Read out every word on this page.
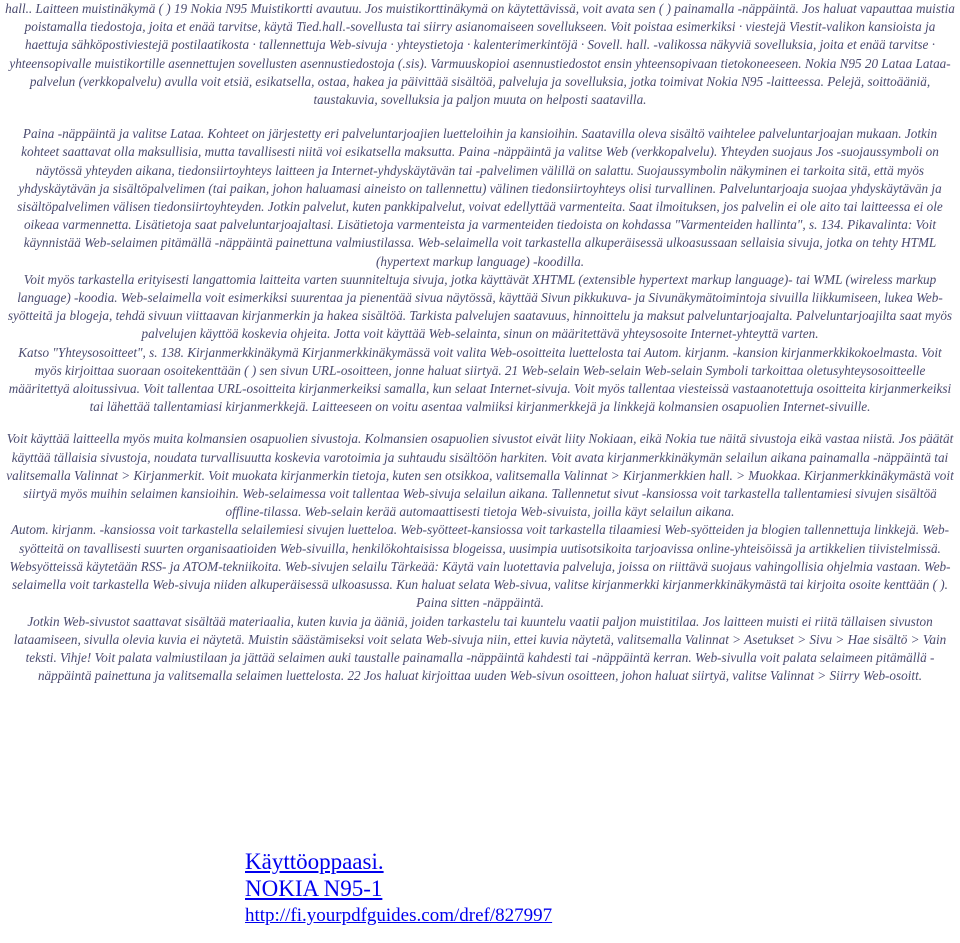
hall.. Laitteen muistinäkymä ( ) 19 Nokia N95 Muistikortti avautuu. Jos muistikorttinäkymä on käytettävissä, voit avata sen ( ) painamalla -näppäintä. Jos haluat vapauttaa muistia poistamalla tiedostoja, joita et enää tarvitse, käytä Tied.hall.-sovellusta tai siirry asianomaiseen sovellukseen. Voit poistaa esimerkiksi · viestejä Viestit-valikon kansioista ja haettuja sähköpostiviestejä postilaatikosta · tallennettuja Web-sivuja · yhteystietoja · kalenterimerkintöjä · Sovell. hall. -valikossa näkyviä sovelluksia, joita et enää tarvitse · yhteensopivalle muistikortille asennettujen sovellusten asennustiedostoja (.sis). Varmuuskopioi asennustiedostot ensin yhteensopivaan tietokoneeseen. Nokia N95 20 Lataa Lataa-palvelun (verkkopalvelu) avulla voit etsiä, esikatsella, ostaa, hakea ja päivittää sisältöä, palveluja ja sovelluksia, jotka toimivat Nokia N95 -laitteessa. Pelejä, soittoääniä, taustakuvia, sovelluksia ja paljon muuta on helposti saatavilla.

Paina -näppäintä ja valitse Lataa. Kohteet on järjestetty eri palveluntarjoajien luetteloihin ja kansioihin. Saatavilla oleva sisältö vaihtelee palveluntarjoajan mukaan. Jotkin kohteet saattavat olla maksullisia, mutta tavallisesti niitä voi esikatsella maksutta. Paina -näppäintä ja valitse Web (verkkopalvelu). Yhteyden suojaus Jos -suojaussymboli on näytössä yhteyden aikana, tiedonsiirtoyhteys laitteen ja Internet-yhdyskäytävän tai -palvelimen välillä on salattu. Suojaussymbolin näkyminen ei tarkoita sitä, että myös yhdyskäytävän ja sisältöpalvelimen (tai paikan, johon haluamasi aineisto on tallennettu) välinen tiedonsiirtoyhteys olisi turvallinen. Palveluntarjoaja suojaa yhdyskäytävän ja sisältöpalvelimen välisen tiedonsiirtoyhteyden. Jotkin palvelut, kuten pankkipalvelut, voivat edellyttää varmenteita. Saat ilmoituksen, jos palvelin ei ole aito tai laitteessa ei ole oikeaa varmennetta. Lisätietoja saat palveluntarjoajaltasi. Lisätietoja varmenteista ja varmenteiden tiedoista on kohdassa "Varmenteiden hallinta", s. 134. Pikavalinta: Voit käynnistää Web-selaimen pitämällä -näppäintä painettuna valmiustilassa. Web-selaimella voit tarkastella alkuperäisessä ulkoasussaan sellaisia sivuja, jotka on tehty HTML (hypertext markup language) -koodilla.

Voit myös tarkastella erityisesti langattomia laitteita varten suunniteltuja sivuja, jotka käyttävät XHTML (extensible hypertext markup language)- tai WML (wireless markup language) -koodia. Web-selaimella voit esimerkiksi suurentaa ja pienentää sivua näytössä, käyttää Sivun pikkukuva- ja Sivunäkymätoimintoja sivuilla liikkumiseen, lukea Web-syötteitä ja blogeja, tehdä sivuun viittaavan kirjanmerkin ja hakea sisältöä. Tarkista palvelujen saatavuus, hinnoittelu ja maksut palveluntarjoajalta. Palveluntarjoajilta saat myös palvelujen käyttöä koskevia ohjeita. Jotta voit käyttää Web-selainta, sinun on määritettävä yhteysosoite Internet-yhteyttä varten.

Katso "Yhteysosoitteet", s. 138. Kirjanmerkkinäkymä Kirjanmerkkinäkymässä voit valita Web-osoitteita luettelosta tai Autom. kirjanm. -kansion kirjanmerkkikokoelmasta. Voit myös kirjoittaa suoraan osoitekenttään ( ) sen sivun URL-osoitteen, jonne haluat siirtyä. 21 Web-selain Web-selain Web-selain Symboli tarkoittaa oletusyhteysosoitteelle määritettyä aloitussivua. Voit tallentaa URL-osoitteita kirjanmerkeiksi samalla, kun selaat Internet-sivuja. Voit myös tallentaa viesteissä vastaanotettuja osoitteita kirjanmerkeiksi tai lähettää tallentamiasi kirjanmerkkejä. Laitteeseen on voitu asentaa valmiiksi kirjanmerkkejä ja linkkejä kolmansien osapuolien Internet-sivuille.

Voit käyttää laitteella myös muita kolmansien osapuolien sivustoja. Kolmansien osapuolien sivustot eivät liity Nokiaan, eikä Nokia tue näitä sivustoja eikä vastaa niistä. Jos päätät käyttää tällaisia sivustoja, noudata turvallisuutta koskevia varotoimia ja suhtaudu sisältöön harkiten. Voit avata kirjanmerkkinäkymän selailun aikana painamalla -näppäintä tai valitsemalla Valinnat > Kirjanmerkit. Voit muokata kirjanmerkin tietoja, kuten sen otsikkoa, valitsemalla Valinnat > Kirjanmerkkien hall. > Muokkaa. Kirjanmerkkinäkymästä voit siirtyä myös muihin selaimen kansioihin. Web-selaimessa voit tallentaa Web-sivuja selailun aikana. Tallennetut sivut -kansiossa voit tarkastella tallentamiesi sivujen sisältöä offline-tilassa. Web-selain kerää automaattisesti tietoja Web-sivuista, joilla käyt selailun aikana.

Autom. kirjanm. -kansiossa voit tarkastella selailemiesi sivujen luetteloa. Web-syötteet-kansiossa voit tarkastella tilaamiesi Web-syötteiden ja blogien tallennettuja linkkejä. Web-syötteitä on tavallisesti suurten organisaatioiden Web-sivuilla, henkilökohtaisissa blogeissa, uusimpia uutisotsikoita tarjoavissa online-yhteisöissä ja artikkelien tiivistelmissä.

Websyötteissä käytetään RSS- ja ATOM-tekniikoita. Web-sivujen selailu Tärkeää: Käytä vain luotettavia palveluja, joissa on riittävä suojaus vahingollisia ohjelmia vastaan. Web-selaimella voit tarkastella Web-sivuja niiden alkuperäisessä ulkoasussa. Kun haluat selata Web-sivua, valitse kirjanmerkki kirjanmerkkinäkymästä tai kirjoita osoite kenttään ( ). Paina sitten -näppäintä.

Jotkin Web-sivustot saattavat sisältää materiaalia, kuten kuvia ja ääniä, joiden tarkastelu tai kuuntelu vaatii paljon muistitilaa. Jos laitteen muisti ei riitä tällaisen sivuston lataamiseen, sivulla olevia kuvia ei näytetä. Muistin säästämiseksi voit selata Web-sivuja niin, ettei kuvia näytetä, valitsemalla Valinnat > Asetukset > Sivu > Hae sisältö > Vain teksti. Vihje! Voit palata valmiustilaan ja jättää selaimen auki taustalle painamalla -näppäintä kahdesti tai -näppäintä kerran. Web-sivulla voit palata selaimeen pitämällä -näppäintä painettuna ja valitsemalla selaimen luettelosta. 22 Jos haluat kirjoittaa uuden Web-sivun osoitteen, johon haluat siirtyä, valitse Valinnat > Siirry Web-osoitt.

Käyttöoppaasi.
NOKIA N95-1
http://fi.yourpdfguides.com/dref/827997
